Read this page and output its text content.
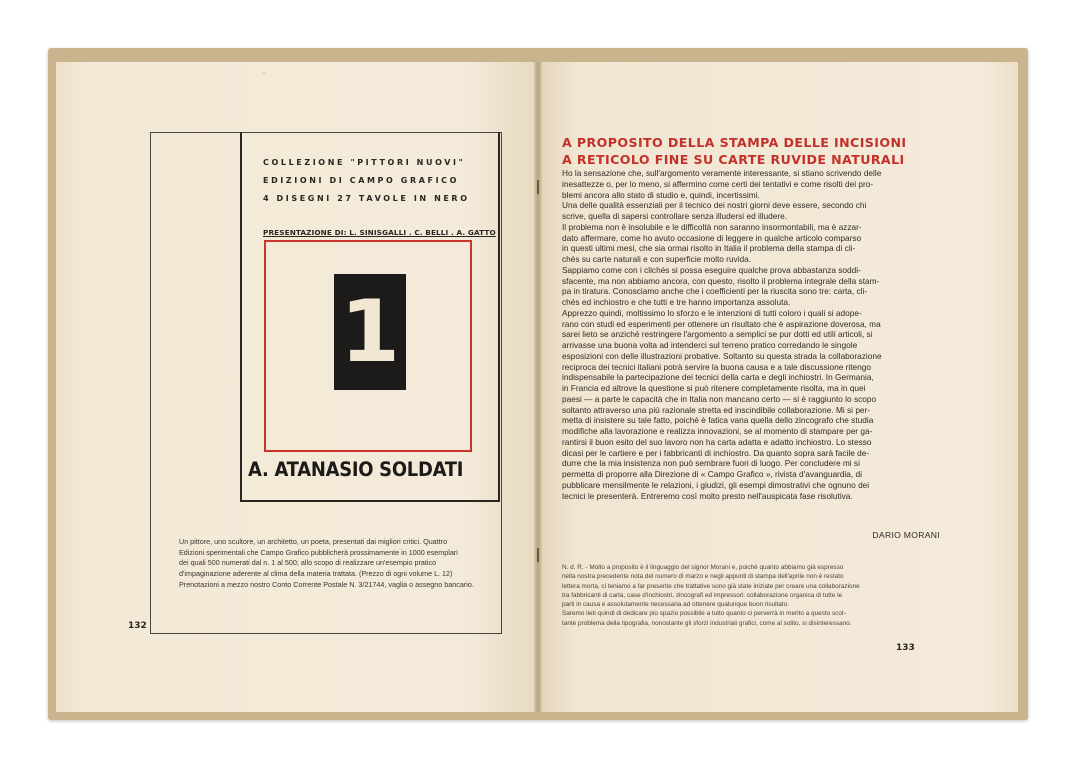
˙
COLLEZIONE "PITTORI NUOVI"
EDIZIONI DI CAMPO GRAFICO
4 DISEGNI 27 TAVOLE IN NERO
PRESENTAZIONE DI: L. SINISGALLI . C. BELLI . A. GATTO
1
A. ATANASIO SOLDATI
Un pittore, uno scultore, un architetto, un poeta, presentati dai migliori critici. Quattro
Edizioni sperimentali che Campo Grafico pubblicherà prossimamente in 1000 esemplari
dei quali 500 numerati dal n. 1 al 500; allo scopo di realizzare un'esempio pratico
d'impaginazione aderente al clima della materia trattata. (Prezzo di ogni volume L. 12)
Prenotazioni a mezzo nostro Conto Corrente Postale N. 3/21744, vaglia o assegno bancario.
132
A PROPOSITO DELLA STAMPA DELLE INCISIONI
A RETICOLO FINE SU CARTE RUVIDE NATURALI
Ho la sensazione che, sull'argomento veramente interessante, si stiano scrivendo delle
inesattezze o, per lo meno, si affermino come certi dei tentativi e come risolti dei pro-
blemi ancora allo stato di studio e, quindi, incertissimi.
Una delle qualità essenziali per il tecnico dei nostri giorni deve essere, secondo chi
scrive, quella di sapersi controllare senza illudersi ed illudere.
Il problema non è insolubile e le difficoltà non saranno insormontabili, ma è azzar-
dato affermare, come ho avuto occasione di leggere in qualche articolo comparso
in questi ultimi mesi, che sia ormai risolto in Italia il problema della stampa di cli-
chés su carte naturali e con superficie molto ruvida.
Sappiamo come con i clichés si possa eseguire qualche prova abbastanza soddi-
sfacente, ma non abbiamo ancora, con questo, risolto il problema integrale della stam-
pa in tiratura. Conosciamo anche che i coefficienti per la riuscita sono tre: carta, cli-
chés ed inchiostro e che tutti e tre hanno importanza assoluta.
Apprezzo quindi, moltissimo lo sforzo e le intenzioni di tutti coloro i quali si adope-
rano con studi ed esperimenti per ottenere un risultato che è aspirazione doverosa, ma
sarei lieto se anziché restringere l'argomento a semplici se pur dotti ed utili articoli, si
arrivasse una buona volta ad intenderci sul terreno pratico corredando le singole
esposizioni con delle illustrazioni probative. Soltanto su questa strada la collaborazione
reciproca dei tecnici italiani potrà servire la buona causa e a tale discussione ritengo
indispensabile la partecipazione dei tecnici della carta e degli inchiostri. In Germania,
in Francia ed altrove la questione si può ritenere completamente risolta, ma in quei
paesi — a parte le capacità che in Italia non mancano certo — si è raggiunto lo scopo
soltanto attraverso una più razionale stretta ed inscindibile collaborazione. Mi si per-
metta di insistere su tale fatto, poichè è fatica vana quella dello zincografo che studia
modifiche alla lavorazione e realizza innovazioni, se al momento di stampare per ga-
rantirsi il buon esito del suo lavoro non ha carta adatta e adatto inchiostro. Lo stesso
dicasi per le cartiere e per i fabbricanti di inchiostro. Da quanto sopra sarà facile de-
durre che la mia insistenza non può sembrare fuori di luogo. Per concludere mi si
permetta di proporre alla Direzione di « Campo Grafico », rivista d'avanguardia, di
pubblicare mensilmente le relazioni, i giudizi, gli esempi dimostrativi che ognuno dei
tecnici le presenterà. Entreremo così molto presto nell'auspicata fase risolutiva.
DARIO MORANI
N. d. R. - Molto a proposito è il linguaggio del signor Morani e, poichè quanto abbiamo già espresso
nella nostra precedente nota del numero di marzo e negli appunti di stampa dell'aprile non è restato
lettera morta, ci teniamo a far presente che trattative sono già state iniziate per creare una collaborazione
tra fabbricanti di carta, case d'inchiostri, zincografi ed impressori: collaborazione organica di tutte le
parti in causa e assolutamente necessaria ad ottenere qualunque buon risultato.
Saremo lieti quindi di dedicare più spazio possibile a tutto quanto ci perverrà in merito a questo scot-
tante problema della tipografia, nonostante gli sforzi industriali grafici, come al solito, si disinteressano.
133
